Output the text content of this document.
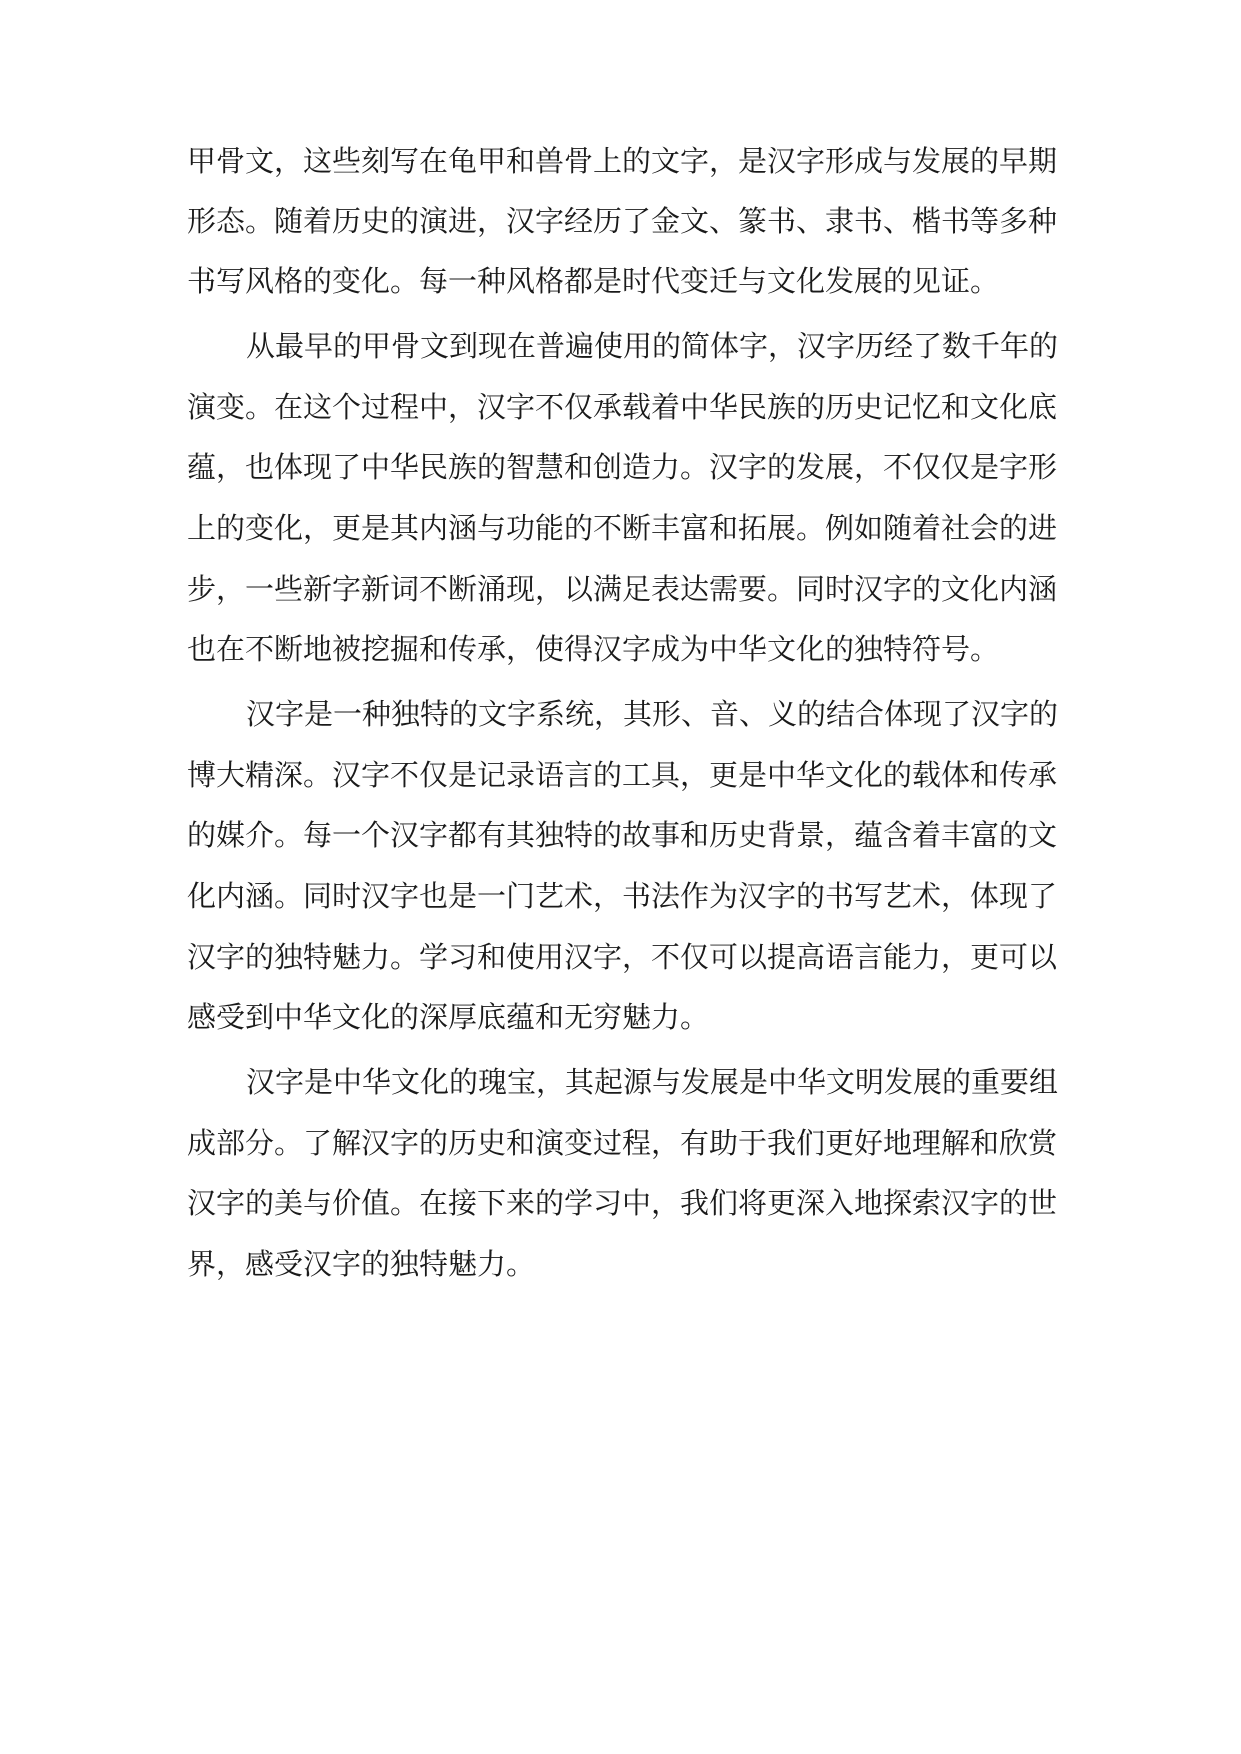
甲骨文，这些刻写在龟甲和兽骨上的文字，是汉字形成与发展的早期
形态。随着历史的演进，汉字经历了金文、篆书、隶书、楷书等多种
书写风格的变化。每一种风格都是时代变迁与文化发展的见证。
从最早的甲骨文到现在普遍使用的简体字，汉字历经了数千年的
演变。在这个过程中，汉字不仅承载着中华民族的历史记忆和文化底
蕴，也体现了中华民族的智慧和创造力。汉字的发展，不仅仅是字形
上的变化，更是其内涵与功能的不断丰富和拓展。例如随着社会的进
步，一些新字新词不断涌现，以满足表达需要。同时汉字的文化内涵
也在不断地被挖掘和传承，使得汉字成为中华文化的独特符号。
汉字是一种独特的文字系统，其形、音、义的结合体现了汉字的
博大精深。汉字不仅是记录语言的工具，更是中华文化的载体和传承
的媒介。每一个汉字都有其独特的故事和历史背景，蕴含着丰富的文
化内涵。同时汉字也是一门艺术，书法作为汉字的书写艺术，体现了
汉字的独特魅力。学习和使用汉字，不仅可以提高语言能力，更可以
感受到中华文化的深厚底蕴和无穷魅力。
汉字是中华文化的瑰宝，其起源与发展是中华文明发展的重要组
成部分。了解汉字的历史和演变过程，有助于我们更好地理解和欣赏
汉字的美与价值。在接下来的学习中，我们将更深入地探索汉字的世
界，感受汉字的独特魅力。
